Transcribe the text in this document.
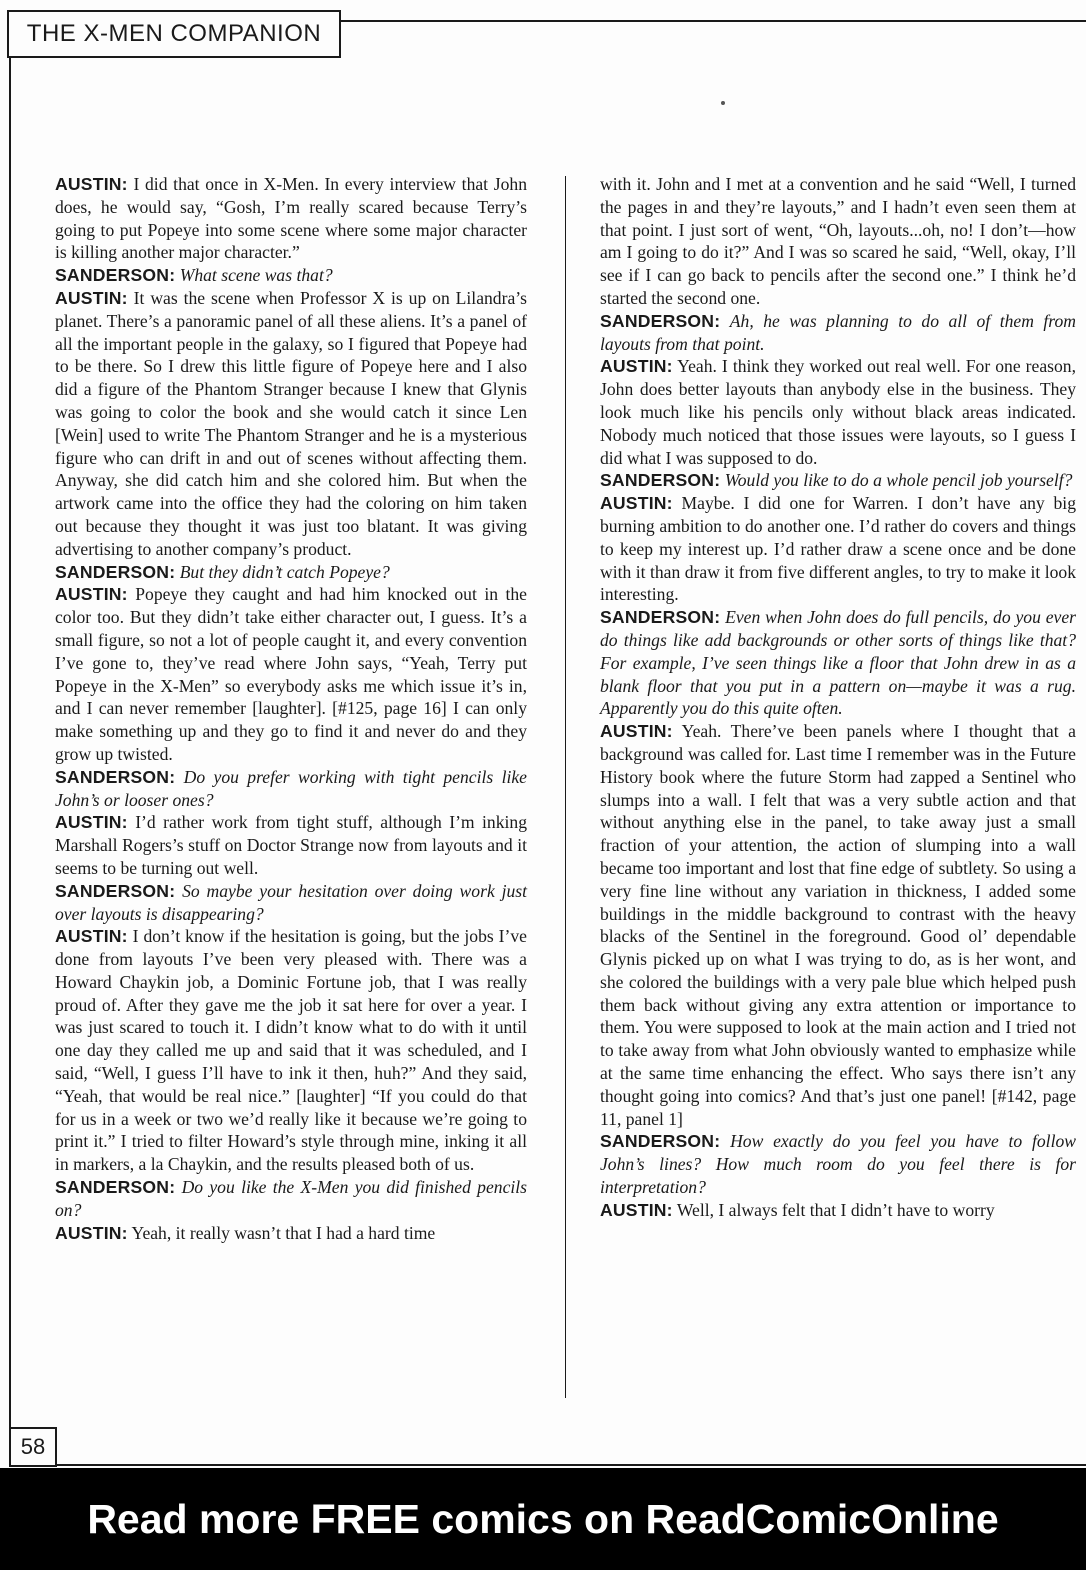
THE X-MEN COMPANION

AUSTIN: I did that once in X-Men. In every interview that John does, he would say, “Gosh, I’m really scared because Terry’s going to put Popeye into some scene where some major character is killing another major character.”

SANDERSON: What scene was that?

AUSTIN: It was the scene when Professor X is up on Lilandra’s planet. There’s a panoramic panel of all these aliens. It’s a panel of all the important people in the galaxy, so I figured that Popeye had to be there. So I drew this little figure of Popeye here and I also did a figure of the Phantom Stranger because I knew that Glynis was going to color the book and she would catch it since Len [Wein] used to write The Phantom Stranger and he is a mysterious figure who can drift in and out of scenes without affecting them. Anyway, she did catch him and she colored him. But when the artwork came into the office they had the coloring on him taken out because they thought it was just too blatant. It was giving advertising to another company’s product.

SANDERSON: But they didn’t catch Popeye?

AUSTIN: Popeye they caught and had him knocked out in the color too. But they didn’t take either character out, I guess. It’s a small figure, so not a lot of people caught it, and every convention I’ve gone to, they’ve read where John says, “Yeah, Terry put Popeye in the X-Men” so everybody asks me which issue it’s in, and I can never remember [laughter]. [#125, page 16] I can only make something up and they go to find it and never do and they grow up twisted.

SANDERSON: Do you prefer working with tight pencils like John’s or looser ones?

AUSTIN: I’d rather work from tight stuff, although I’m inking Marshall Rogers’s stuff on Doctor Strange now from layouts and it seems to be turning out well.

SANDERSON: So maybe your hesitation over doing work just over layouts is disappearing?

AUSTIN: I don’t know if the hesitation is going, but the jobs I’ve done from layouts I’ve been very pleased with. There was a Howard Chaykin job, a Dominic Fortune job, that I was really proud of. After they gave me the job it sat here for over a year. I was just scared to touch it. I didn’t know what to do with it until one day they called me up and said that it was scheduled, and I said, “Well, I guess I’ll have to ink it then, huh?” And they said, “Yeah, that would be real nice.” [laughter] “If you could do that for us in a week or two we’d really like it because we’re going to print it.” I tried to filter Howard’s style through mine, inking it all in markers, a la Chaykin, and the results pleased both of us.

SANDERSON: Do you like the X-Men you did finished pencils on?

AUSTIN: Yeah, it really wasn’t that I had a hard time

with it. John and I met at a convention and he said “Well, I turned the pages in and they’re layouts,” and I hadn’t even seen them at that point. I just sort of went, “Oh, layouts...oh, no! I don’t—how am I going to do it?” And I was so scared he said, “Well, okay, I’ll see if I can go back to pencils after the second one.” I think he’d started the second one.

SANDERSON: Ah, he was planning to do all of them from layouts from that point.

AUSTIN: Yeah. I think they worked out real well. For one reason, John does better layouts than anybody else in the business. They look much like his pencils only without black areas indicated. Nobody much noticed that those issues were layouts, so I guess I did what I was supposed to do.

SANDERSON: Would you like to do a whole pencil job yourself?

AUSTIN: Maybe. I did one for Warren. I don’t have any big burning ambition to do another one. I’d rather do covers and things to keep my interest up. I’d rather draw a scene once and be done with it than draw it from five different angles, to try to make it look interesting.

SANDERSON: Even when John does do full pencils, do you ever do things like add backgrounds or other sorts of things like that? For example, I’ve seen things like a floor that John drew in as a blank floor that you put in a pattern on—maybe it was a rug. Apparently you do this quite often.

AUSTIN: Yeah. There’ve been panels where I thought that a background was called for. Last time I remember was in the Future History book where the future Storm had zapped a Sentinel who slumps into a wall. I felt that was a very subtle action and that without anything else in the panel, to take away just a small fraction of your attention, the action of slumping into a wall became too important and lost that fine edge of subtlety. So using a very fine line without any variation in thickness, I added some buildings in the middle background to contrast with the heavy blacks of the Sentinel in the foreground. Good ol’ dependable Glynis picked up on what I was trying to do, as is her wont, and she colored the buildings with a very pale blue which helped push them back without giving any extra attention or importance to them. You were supposed to look at the main action and I tried not to take away from what John obviously wanted to emphasize while at the same time enhancing the effect. Who says there isn’t any thought going into comics? And that’s just one panel! [#142, page 11, panel 1]

SANDERSON: How exactly do you feel you have to follow John’s lines? How much room do you feel there is for interpretation?

AUSTIN: Well, I always felt that I didn’t have to worry

58
Read more FREE comics on ReadComicOnline
